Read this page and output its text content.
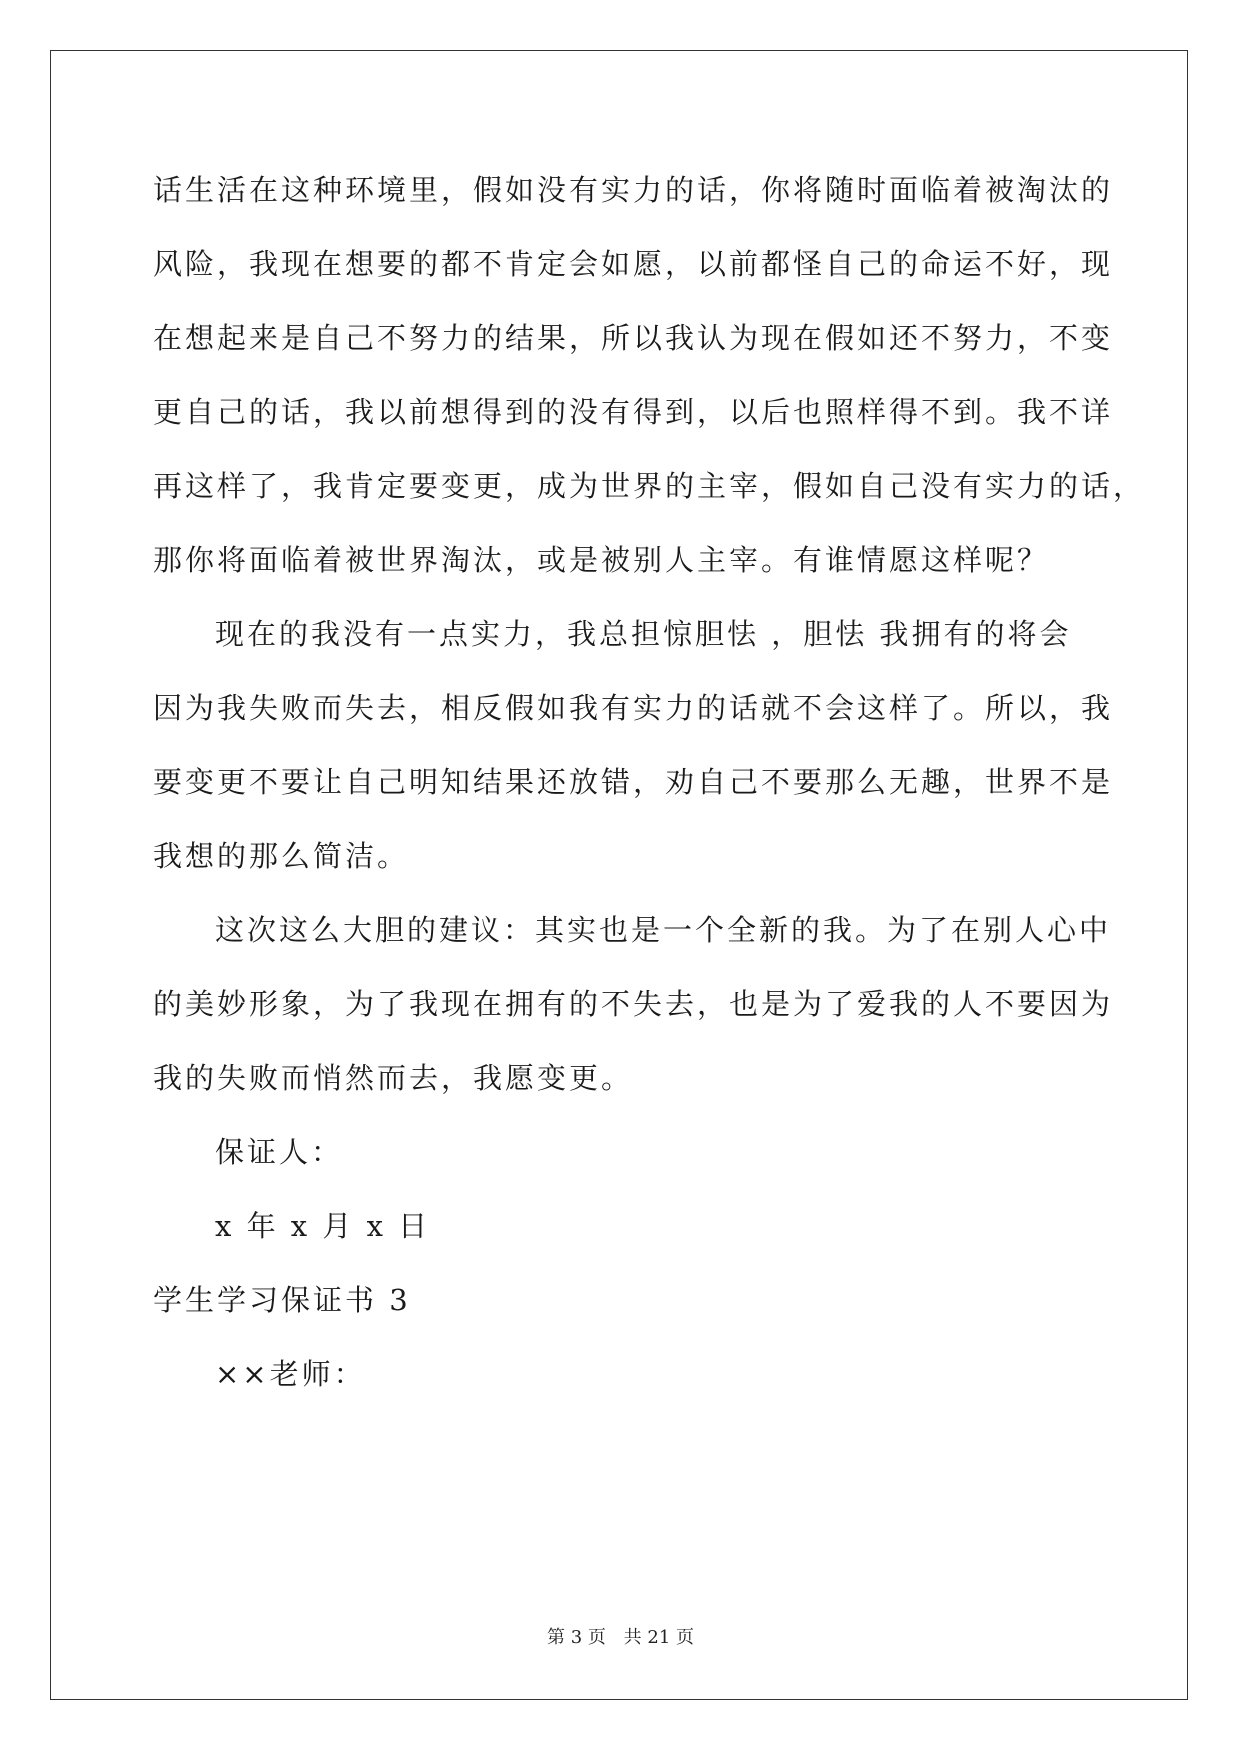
话生活在这种环境里，假如没有实力的话，你将随时面临着被淘汰的
风险，我现在想要的都不肯定会如愿，以前都怪自己的命运不好，现
在想起来是自己不努力的结果，所以我认为现在假如还不努力，不变
更自己的话，我以前想得到的没有得到，以后也照样得不到。我不详
再这样了，我肯定要变更，成为世界的主宰，假如自己没有实力的话，
那你将面临着被世界淘汰，或是被别人主宰。有谁情愿这样呢？
现在的我没有一点实力，我总担惊胆怯 ，胆怯 我拥有的将会
因为我失败而失去，相反假如我有实力的话就不会这样了。所以，我
要变更不要让自己明知结果还放错，劝自己不要那么无趣，世界不是
我想的那么简洁。
这次这么大胆的建议：其实也是一个全新的我。为了在别人心中
的美妙形象，为了我现在拥有的不失去，也是为了爱我的人不要因为
我的失败而悄然而去，我愿变更。
保证人：
x 年 x 月 x 日
学生学习保证书 3
××老师：
第 3 页 共 21 页
